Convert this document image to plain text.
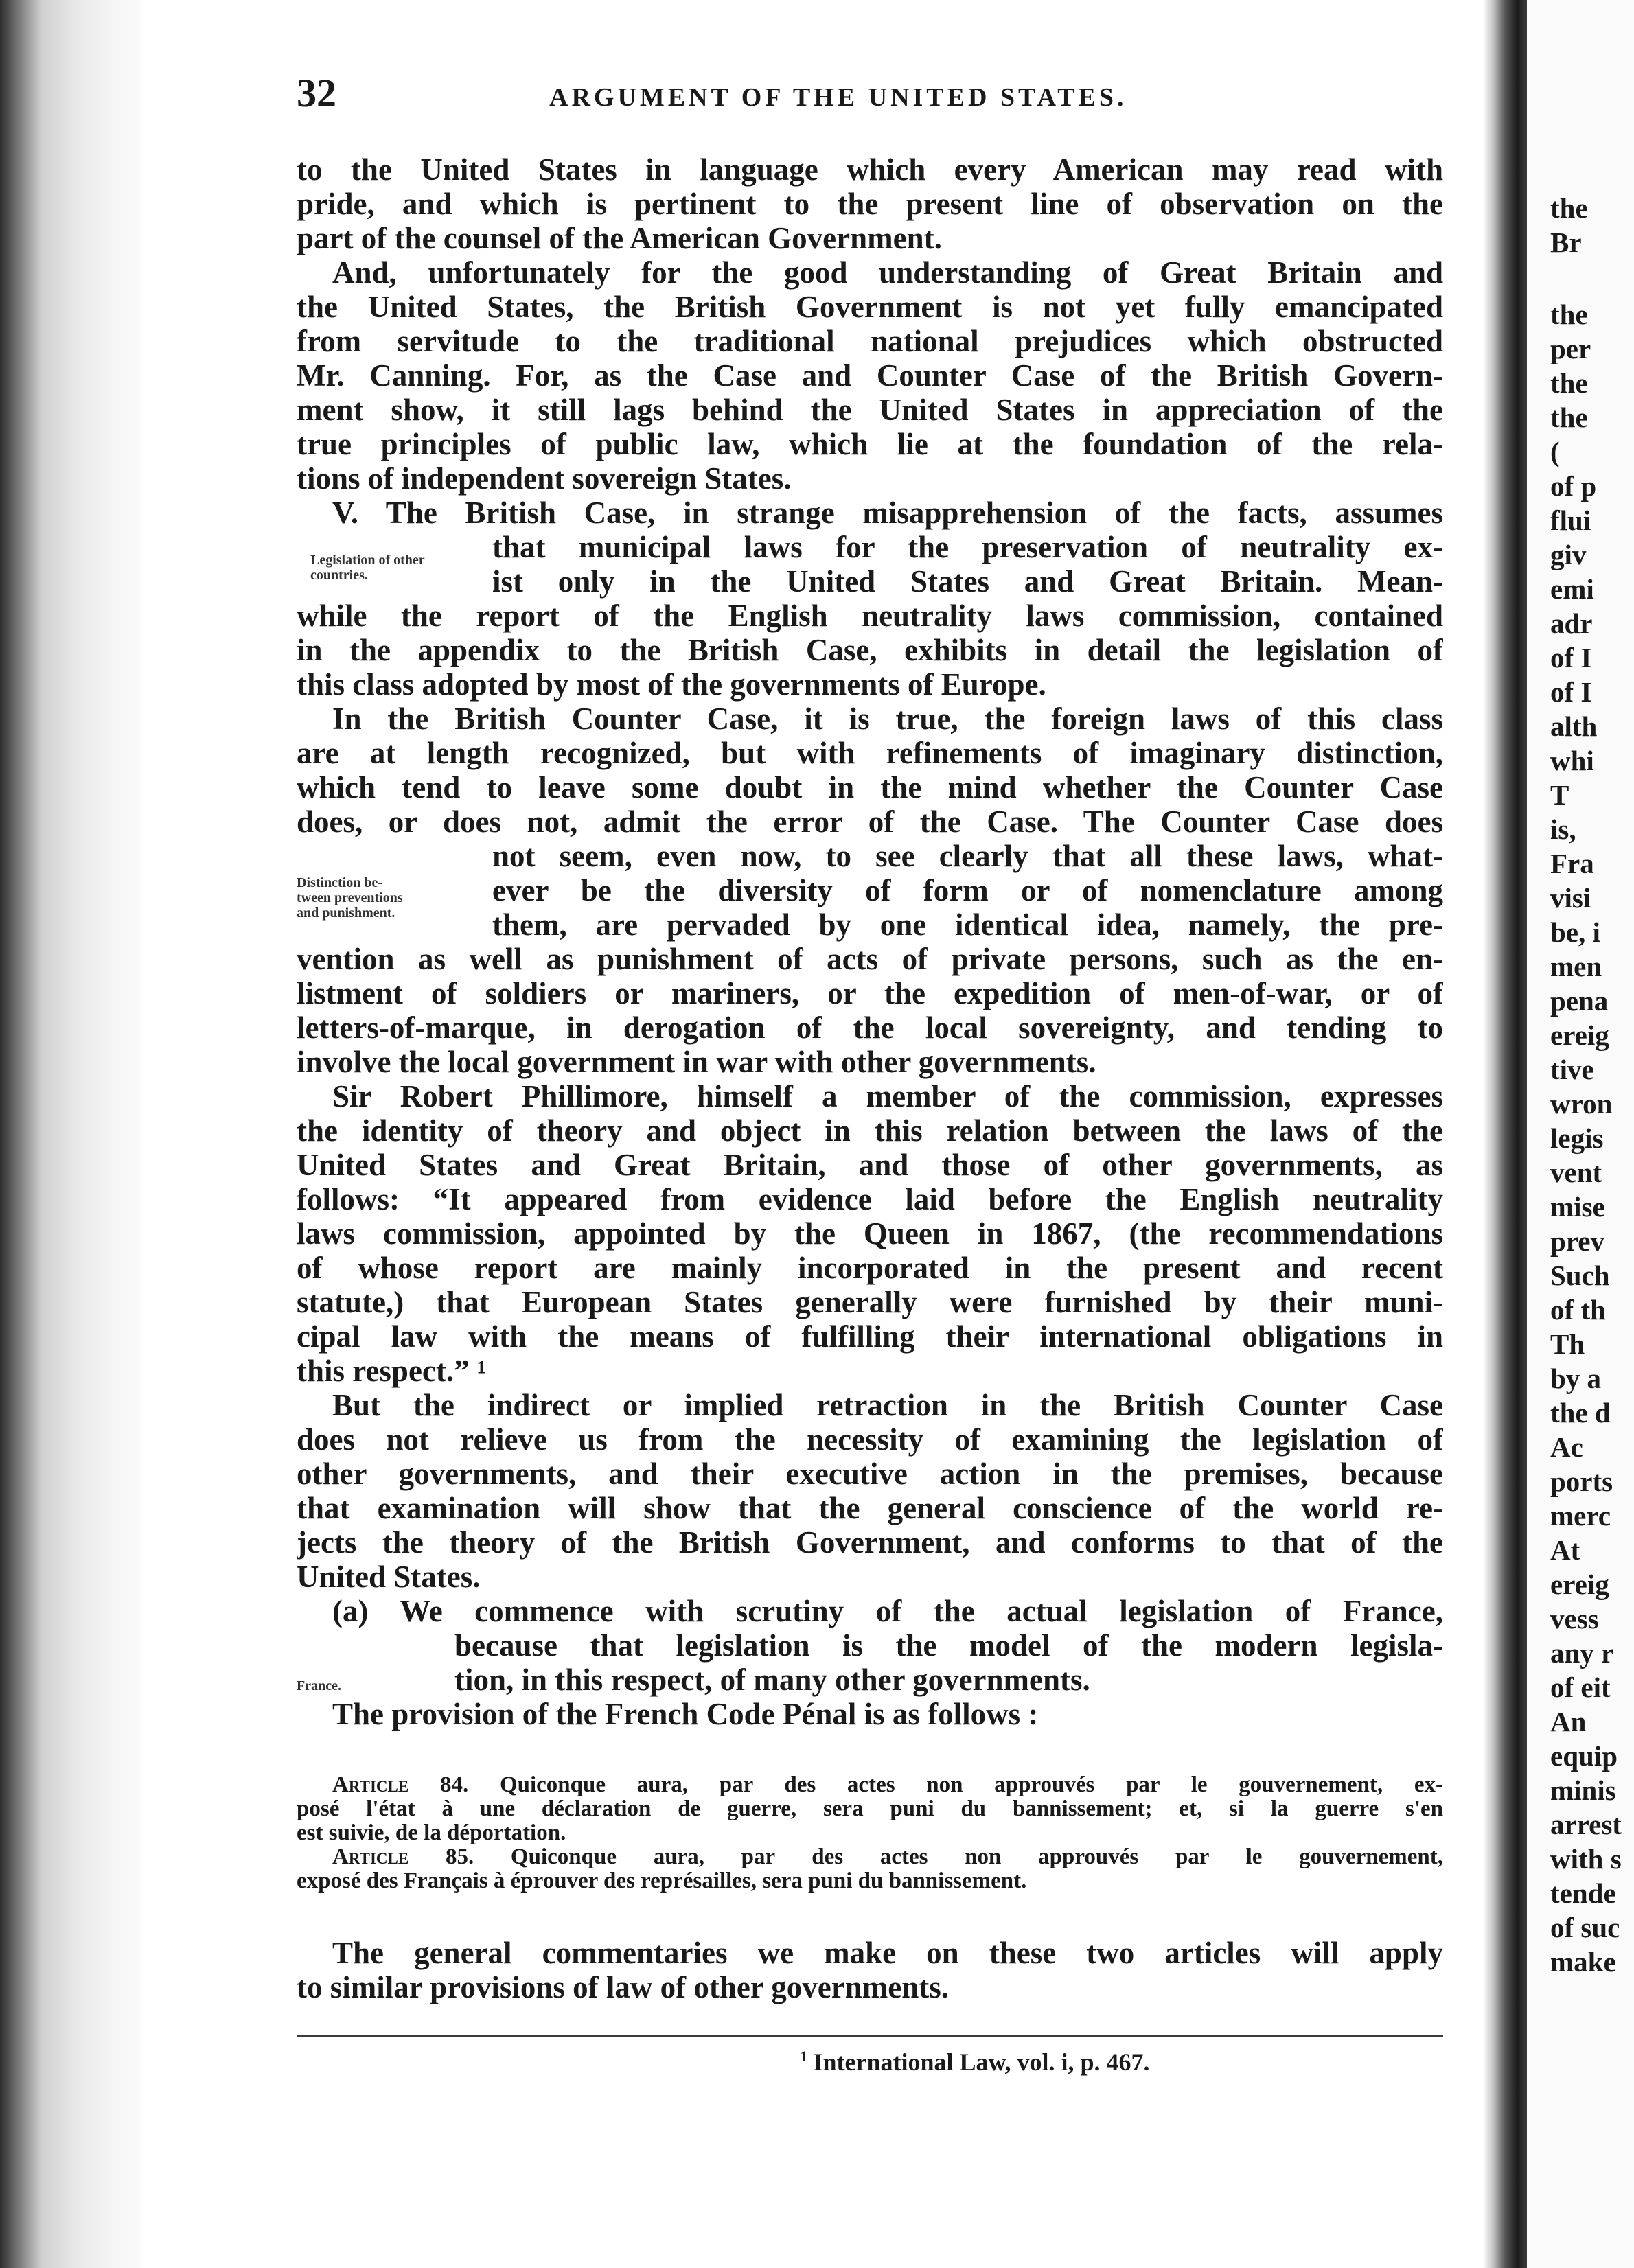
32	ARGUMENT OF THE UNITED STATES.
to the United States in language which every American may read with
pride, and which is pertinent to the present line of observation on the
part of the counsel of the American Government.
And, unfortunately for the good understanding of Great Britain and
the United States, the British Government is not yet fully emancipated
from servitude to the traditional national prejudices which obstructed
Mr. Canning. For, as the Case and Counter Case of the British Govern-
ment show, it still lags behind the United States in appreciation of the
true principles of public law, which lie at the foundation of the rela-
tions of independent sovereign States.
V. The British Case, in strange misapprehension of the facts, assumes
that municipal laws for the preservation of neutrality ex-
ist only in the United States and Great Britain. Mean-
while the report of the English neutrality laws commission, contained
in the appendix to the British Case, exhibits in detail the legislation of
this class adopted by most of the governments of Europe.
In the British Counter Case, it is true, the foreign laws of this class
are at length recognized, but with refinements of imaginary distinction,
which tend to leave some doubt in the mind whether the Counter Case
does, or does not, admit the error of the Case. The Counter Case does
not seem, even now, to see clearly that all these laws, what-
ever be the diversity of form or of nomenclature among
them, are pervaded by one identical idea, namely, the pre-
vention as well as punishment of acts of private persons, such as the en-
listment of soldiers or mariners, or the expedition of men-of-war, or of
letters-of-marque, in derogation of the local sovereignty, and tending to
involve the local government in war with other governments.
Sir Robert Phillimore, himself a member of the commission, expresses
the identity of theory and object in this relation between the laws of the
United States and Great Britain, and those of other governments, as
follows: “It appeared from evidence laid before the English neutrality
laws commission, appointed by the Queen in 1867, (the recommendations
of whose report are mainly incorporated in the present and recent
statute,) that European States generally were furnished by their muni-
cipal law with the means of fulfilling their international obligations in
this respect.” ¹
But the indirect or implied retraction in the British Counter Case
does not relieve us from the necessity of examining the legislation of
other governments, and their executive action in the premises, because
that examination will show that the general conscience of the world re-
jects the theory of the British Government, and conforms to that of the
United States.
(a) We commence with scrutiny of the actual legislation of France,
because that legislation is the model of the modern legisla-
tion, in this respect, of many other governments.
The provision of the French Code Pénal is as follows :
Legislation of other
countries.
Distinction be-
tween preventions
and punishment.
France.
Article 84. Quiconque aura, par des actes non approuvés par le gouvernement, ex-
posé l'état à une déclaration de guerre, sera puni du bannissement; et, si la guerre s'en
est suivie, de la déportation.
Article 85. Quiconque aura, par des actes non approuvés par le gouvernement,
exposé des Français à éprouver des représailles, sera puni du bannissement.
The general commentaries we make on these two articles will apply
to similar provisions of law of other governments.
$^1$ International Law, vol. i, p. 467.
the
Br
the
per
the
the
(
of p
flui
giv
emi
adr
of I
of I
alth
whi
T
is,
Fra
visi
be, i
men
pena
ereig
tive
wron
legis
vent
mise
prev
Such
of th
Th
by a
the d
Ac
ports
merc
At
ereig
vess
any r
of eit
An
equip
minis
arrest
with s
tende
of suc
make
